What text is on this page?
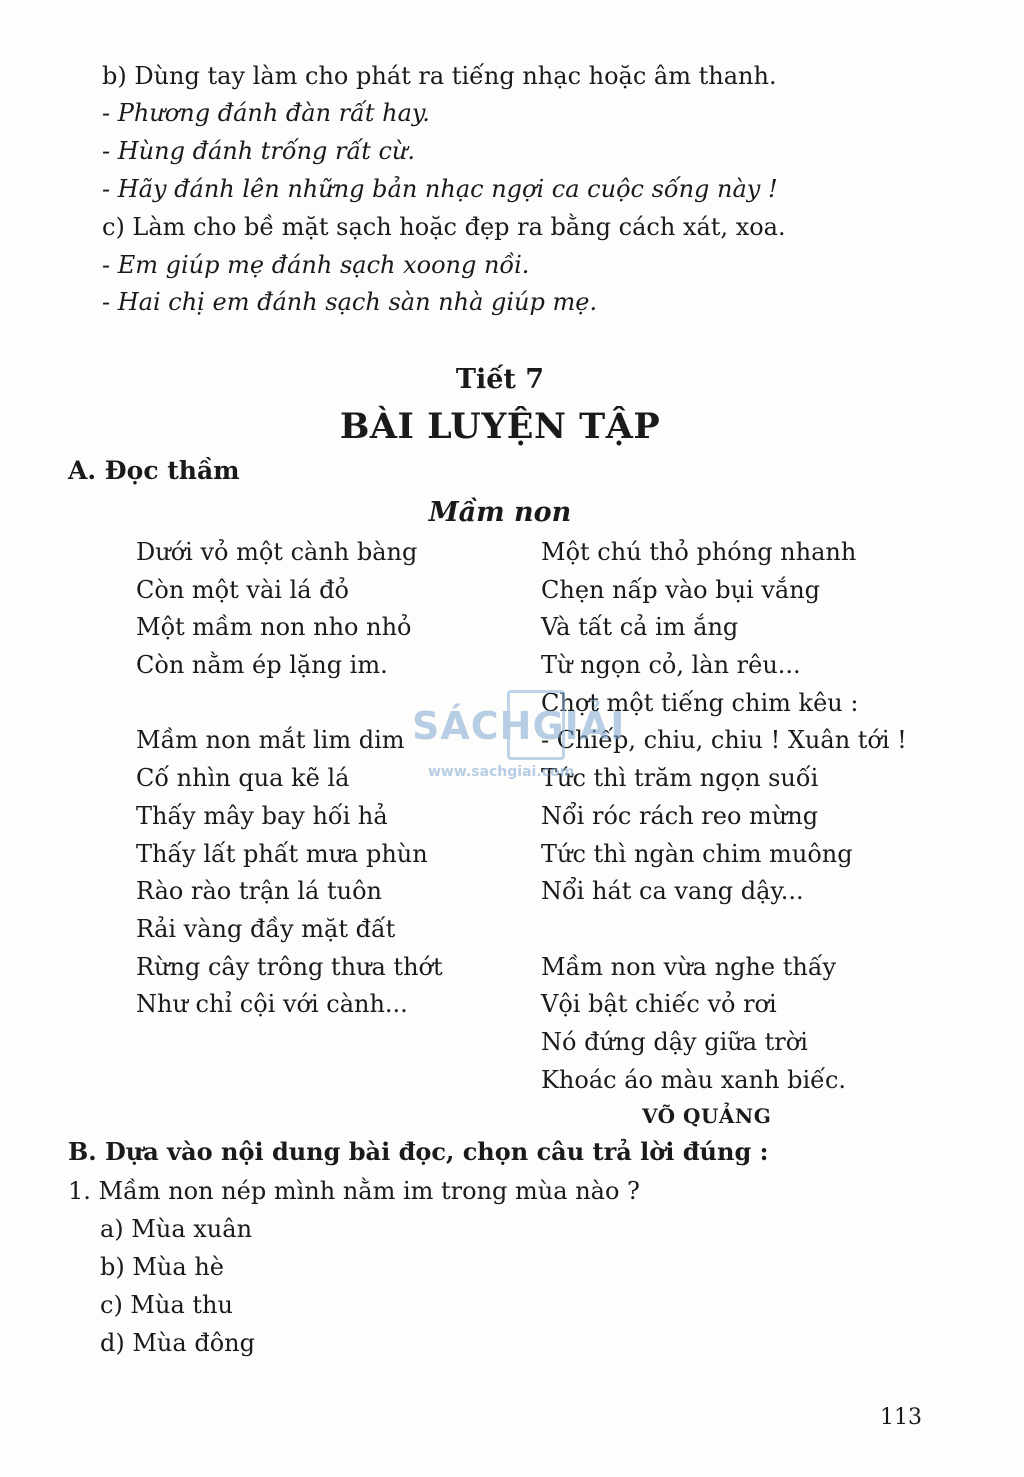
b) Dùng tay làm cho phát ra tiếng nhạc hoặc âm thanh.
- Phương đánh đàn rất hay.
- Hùng đánh trống rất cừ.
- Hãy đánh lên những bản nhạc ngợi ca cuộc sống này !
c) Làm cho bề mặt sạch hoặc đẹp ra bằng cách xát, xoa.
- Em giúp mẹ đánh sạch xoong nồi.
- Hai chị em đánh sạch sàn nhà giúp mẹ.
Tiết 7
BÀI LUYỆN TẬP
A. Đọc thầm
Mầm non
Dưới vỏ một cành bàng
Còn một vài lá đỏ
Một mầm non nho nhỏ
Còn nằm ép lặng im.
Mầm non mắt lim dim
Cố nhìn qua kẽ lá
Thấy mây bay hối hả
Thấy lất phất mưa phùn
Rào rào trận lá tuôn
Rải vàng đầy mặt đất
Rừng cây trông thưa thớt
Như chỉ cội với cành...
Một chú thỏ phóng nhanh
Chẹn nấp vào bụi vắng
Và tất cả im ắng
Từ ngọn cỏ, làn rêu...
Chợt một tiếng chim kêu :
- Chiếp, chiu, chiu ! Xuân tới !
Tức thì trăm ngọn suối
Nổi róc rách reo mừng
Tức thì ngàn chim muông
Nổi hát ca vang dậy...
Mầm non vừa nghe thấy
Vội bật chiếc vỏ rơi
Nó đứng dậy giữa trời
Khoác áo màu xanh biếc.
VÕ QUẢNG
B. Dựa vào nội dung bài đọc, chọn câu trả lời đúng :
1. Mầm non nép mình nằm im trong mùa nào ?
a) Mùa xuân
b) Mùa hè
c) Mùa thu
d) Mùa đông
113
SÁCHGIẢI
www.sachgiai.com
